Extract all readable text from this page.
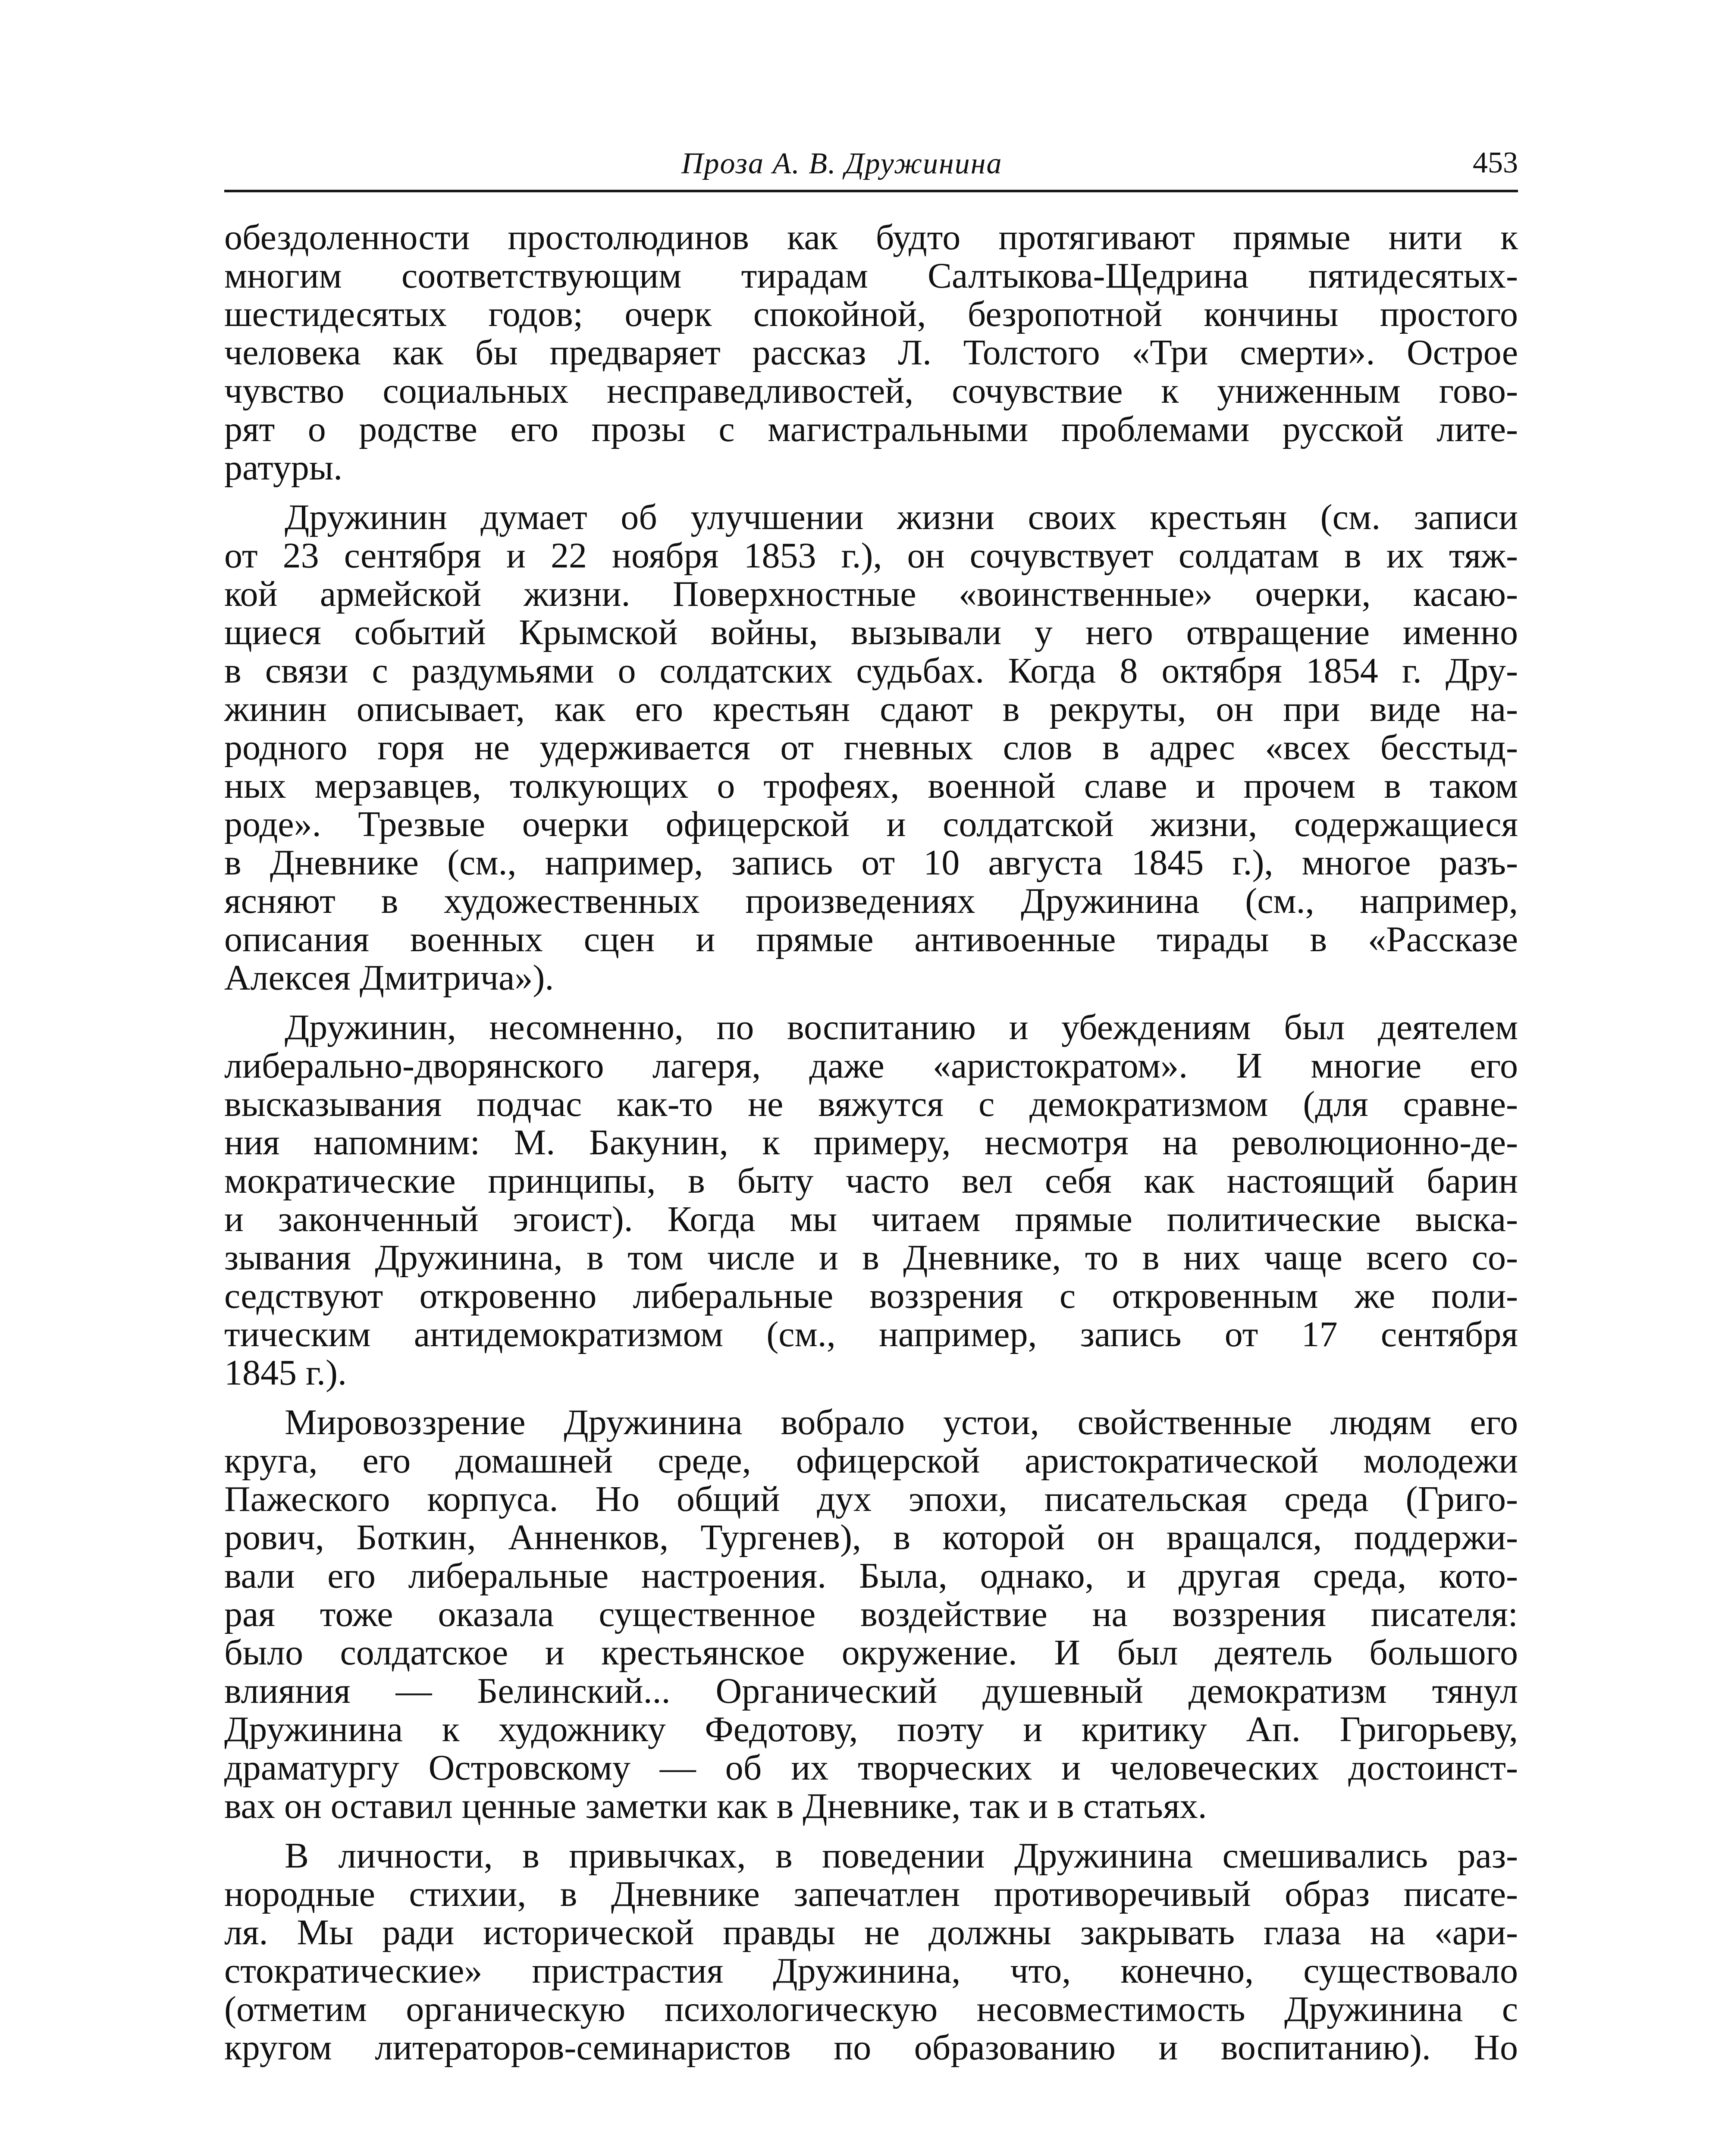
Проза А. В. Дружинина	453
обездоленности простолюдинов как будто протягивают прямые нити к
многим соответствующим тирадам Салтыкова-Щедрина пятидесятых-
шестидесятых годов; очерк спокойной, безропотной кончины простого
человека как бы предваряет рассказ Л. Толстого «Три смерти». Острое
чувство социальных несправедливостей, сочувствие к униженным гово-
рят о родстве его прозы с магистральными проблемами русской лите-
ратуры.
Дружинин думает об улучшении жизни своих крестьян (см. записи
от 23 сентября и 22 ноября 1853 г.), он сочувствует солдатам в их тяж-
кой армейской жизни. Поверхностные «воинственные» очерки, касаю-
щиеся событий Крымской войны, вызывали у него отвращение именно
в связи с раздумьями о солдатских судьбах. Когда 8 октября 1854 г. Дру-
жинин описывает, как его крестьян сдают в рекруты, он при виде на-
родного горя не удерживается от гневных слов в адрес «всех бесстыд-
ных мерзавцев, толкующих о трофеях, военной славе и прочем в таком
роде». Трезвые очерки офицерской и солдатской жизни, содержащиеся
в Дневнике (см., например, запись от 10 августа 1845 г.), многое разъ-
ясняют в художественных произведениях Дружинина (см., например,
описания военных сцен и прямые антивоенные тирады в «Рассказе
Алексея Дмитрича»).
Дружинин, несомненно, по воспитанию и убеждениям был деятелем
либерально-дворянского лагеря, даже «аристократом». И многие его
высказывания подчас как-то не вяжутся с демократизмом (для сравне-
ния напомним: М. Бакунин, к примеру, несмотря на революционно-де-
мократические принципы, в быту часто вел себя как настоящий барин
и законченный эгоист). Когда мы читаем прямые политические выска-
зывания Дружинина, в том числе и в Дневнике, то в них чаще всего со-
седствуют откровенно либеральные воззрения с откровенным же поли-
тическим антидемократизмом (см., например, запись от 17 сентября
1845 г.).
Мировоззрение Дружинина вобрало устои, свойственные людям его
круга, его домашней среде, офицерской аристократической молодежи
Пажеского корпуса. Но общий дух эпохи, писательская среда (Григо-
рович, Боткин, Анненков, Тургенев), в которой он вращался, поддержи-
вали его либеральные настроения. Была, однако, и другая среда, кото-
рая тоже оказала существенное воздействие на воззрения писателя:
было солдатское и крестьянское окружение. И был деятель большого
влияния — Белинский... Органический душевный демократизм тянул
Дружинина к художнику Федотову, поэту и критику Ап. Григорьеву,
драматургу Островскому — об их творческих и человеческих достоинст-
вах он оставил ценные заметки как в Дневнике, так и в статьях.
В личности, в привычках, в поведении Дружинина смешивались раз-
нородные стихии, в Дневнике запечатлен противоречивый образ писате-
ля. Мы ради исторической правды не должны закрывать глаза на «ари-
стократические» пристрастия Дружинина, что, конечно, существовало
(отметим органическую психологическую несовместимость Дружинина с
кругом литераторов-семинаристов по образованию и воспитанию). Но
